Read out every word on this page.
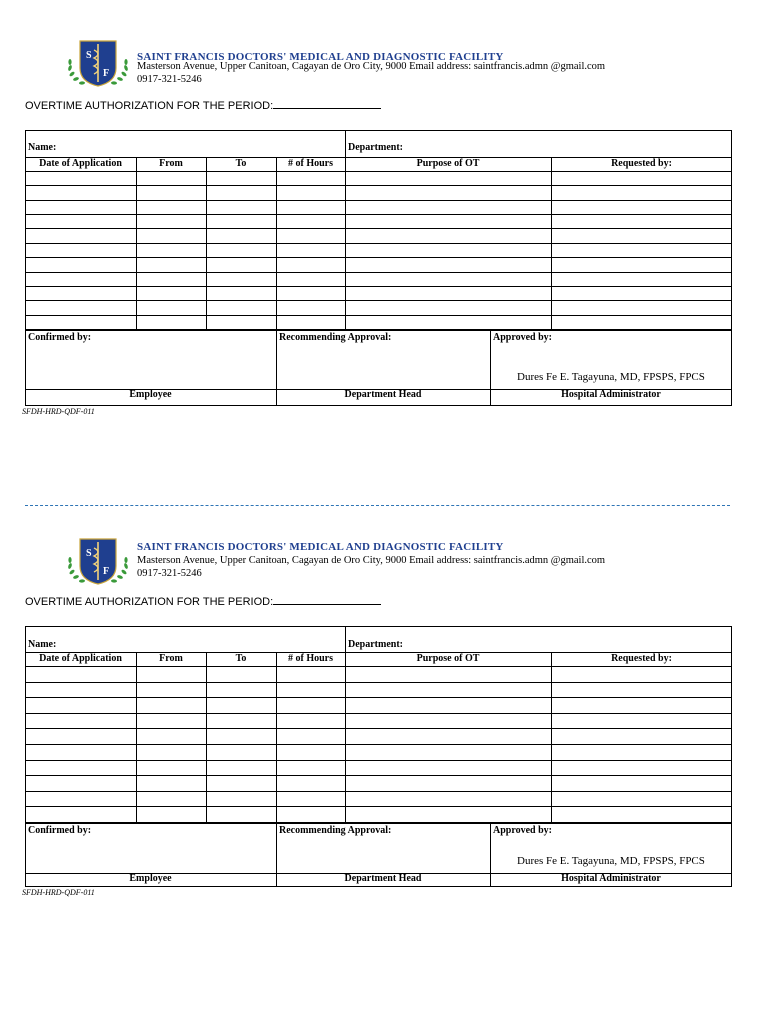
S
F
SAINT FRANCIS DOCTORS' MEDICAL AND DIAGNOSTIC FACILITY
Masterson Avenue, Upper Canitoan, Cagayan de Oro City, 9000 Email address: saintfrancis.admn @gmail.com
0917-321-5246
OVERTIME AUTHORIZATION FOR THE PERIOD:
SFDH-HRD-QDF-011
Name:	Department:
Date of Application	From	To	# of Hours	Purpose of OT	Requested by:
Confirmed by:	Recommending Approval:	Approved by:
Dures Fe E. Tagayuna, MD, FPSPS, FPCS
Employee	Department Head	Hospital Administrator
S
F
SAINT FRANCIS DOCTORS' MEDICAL AND DIAGNOSTIC FACILITY
Masterson Avenue, Upper Canitoan, Cagayan de Oro City, 9000 Email address: saintfrancis.admn @gmail.com
0917-321-5246
OVERTIME AUTHORIZATION FOR THE PERIOD:
SFDH-HRD-QDF-011
Name:	Department:
Date of Application	From	To	# of Hours	Purpose of OT	Requested by:
Confirmed by:	Recommending Approval:	Approved by:
Dures Fe E. Tagayuna, MD, FPSPS, FPCS
Employee	Department Head	Hospital Administrator
